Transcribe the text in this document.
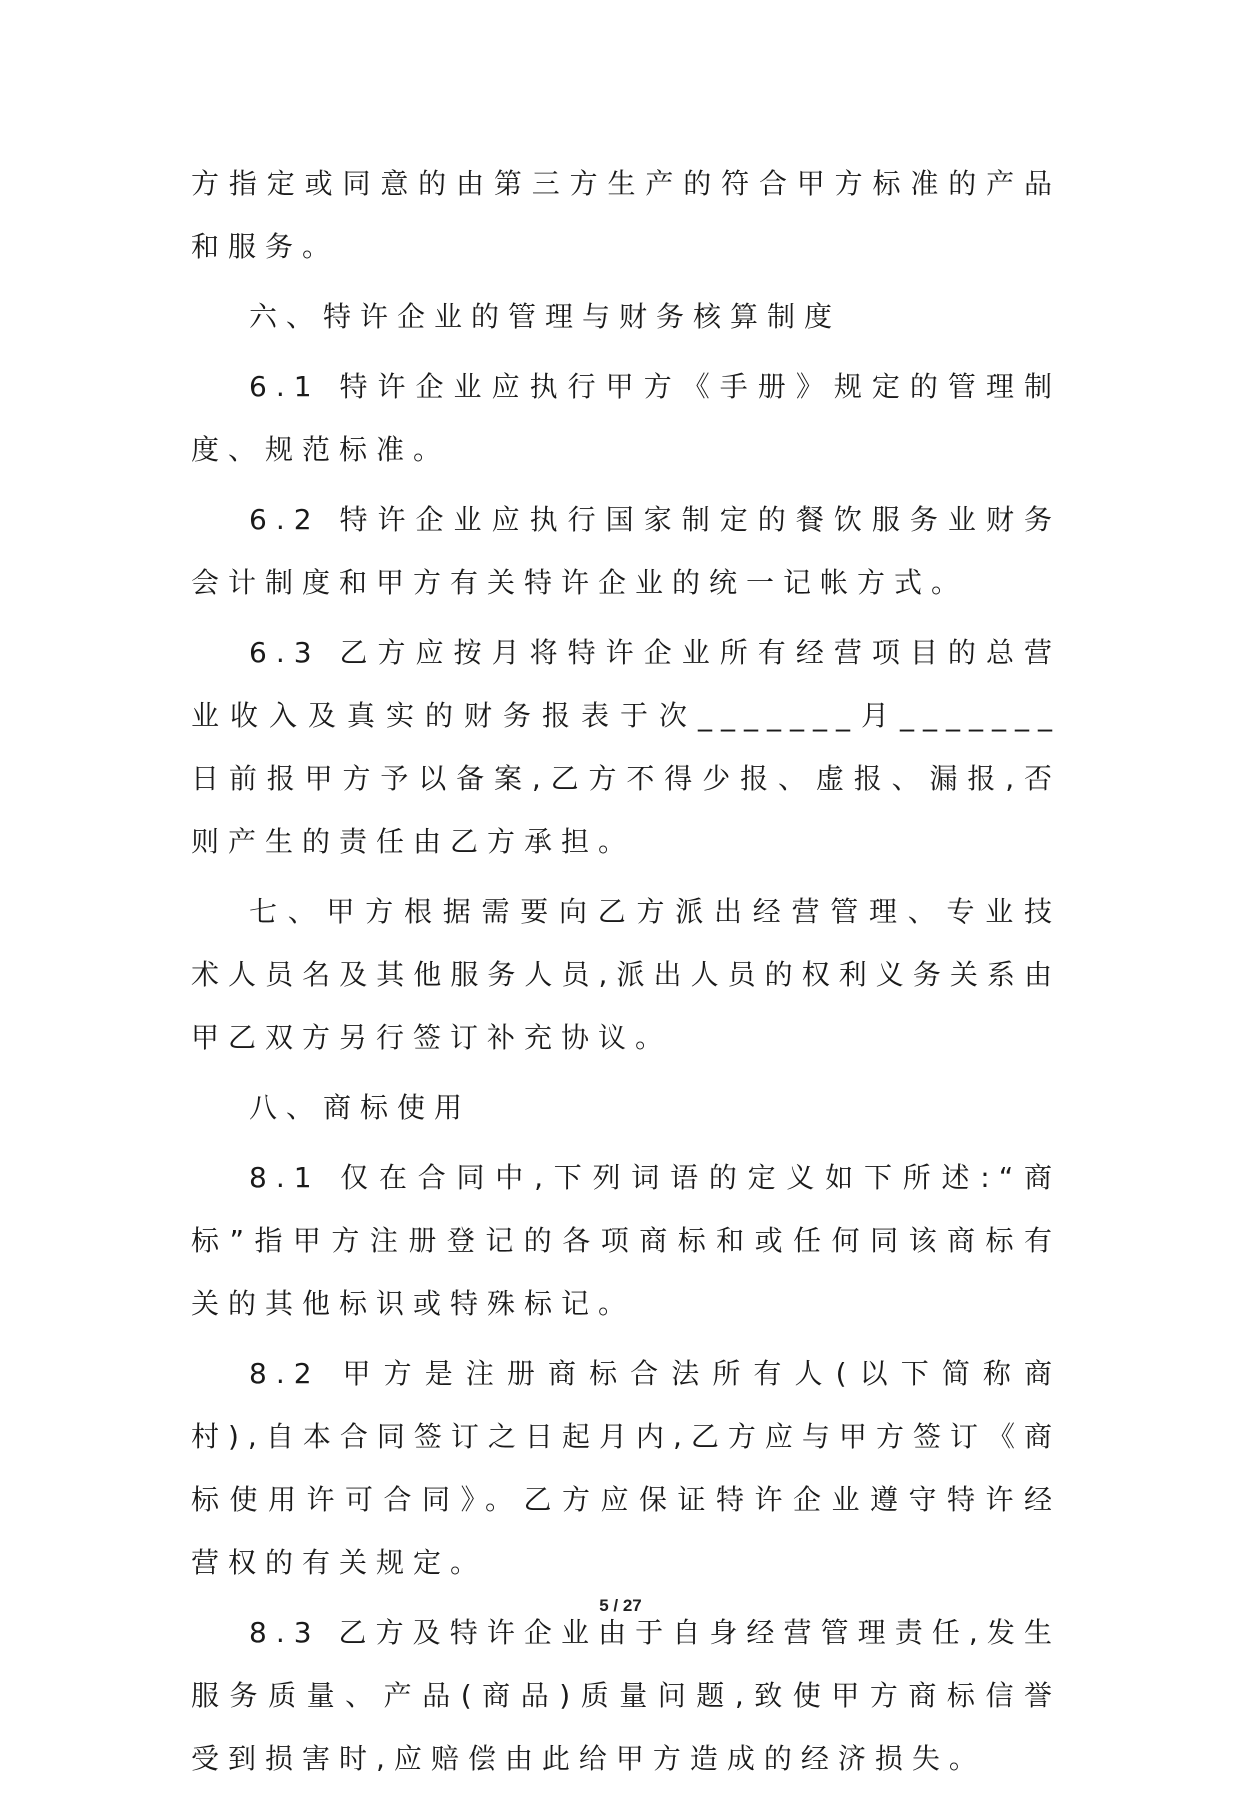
方指定或同意的由第三方生产的符合甲方标准的产品和服务。

六、特许企业的管理与财务核算制度

6.1 特许企业应执行甲方《手册》规定的管理制度、规范标准。

6.2 特许企业应执行国家制定的餐饮服务业财务会计制度和甲方有关特许企业的统一记帐方式。

6.3 乙方应按月将特许企业所有经营项目的总营业收入及真实的财务报表于次_______月_______日前报甲方予以备案,乙方不得少报、虚报、漏报,否则产生的责任由乙方承担。

七、甲方根据需要向乙方派出经营管理、专业技术人员名及其他服务人员,派出人员的权利义务关系由甲乙双方另行签订补充协议。

八、商标使用

8.1 仅在合同中,下列词语的定义如下所述:“商标”指甲方注册登记的各项商标和或任何同该商标有关的其他标识或特殊标记。

8.2 甲方是注册商标合法所有人(以下简称商村),自本合同签订之日起月内,乙方应与甲方签订《商标使用许可合同》。乙方应保证特许企业遵守特许经营权的有关规定。

8.3 乙方及特许企业由于自身经营管理责任,发生服务质量、产品(商品)质量问题,致使甲方商标信誉受到损害时,应赔偿由此给甲方造成的经济损失。

5 / 27
